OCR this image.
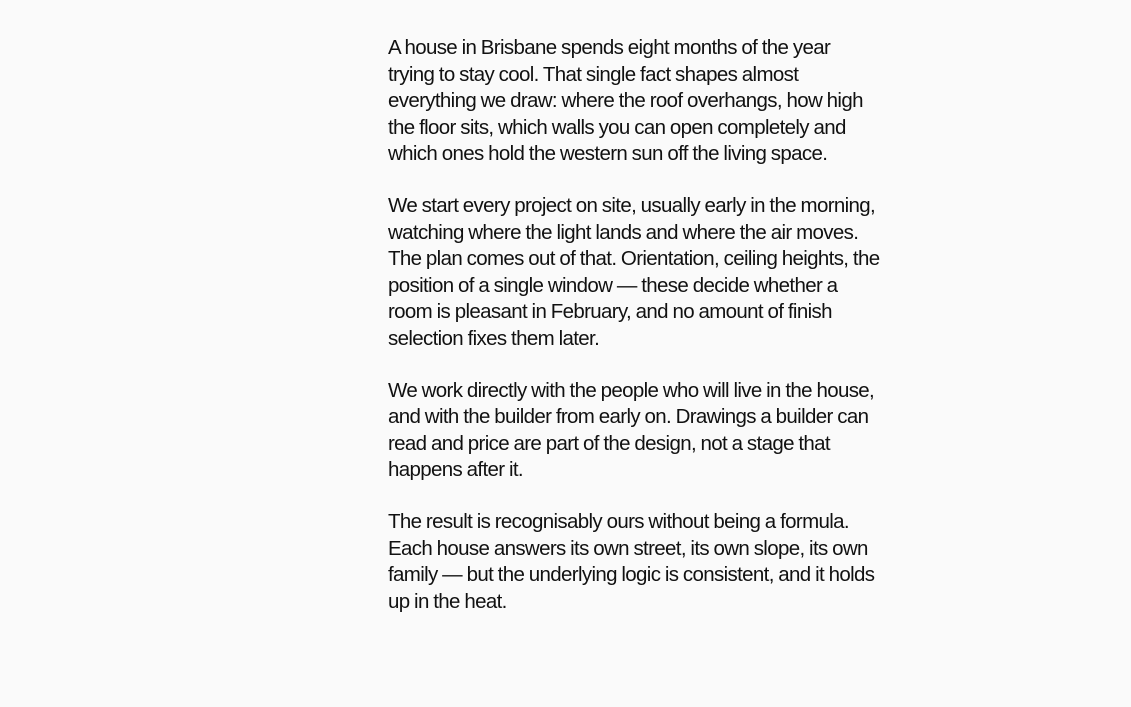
A house in Brisbane spends eight months of the year trying to stay cool. That single fact shapes almost everything we draw: where the roof overhangs, how high the floor sits, which walls you can open completely and which ones hold the western sun off the living space.

We start every project on site, usually early in the morning, watching where the light lands and where the air moves. The plan comes out of that. Orientation, ceiling heights, the position of a single window — these decide whether a room is pleasant in February, and no amount of finish selection fixes them later.

We work directly with the people who will live in the house, and with the builder from early on. Drawings a builder can read and price are part of the design, not a stage that happens after it.

The result is recognisably ours without being a formula. Each house answers its own street, its own slope, its own family — but the underlying logic is consistent, and it holds up in the heat.
